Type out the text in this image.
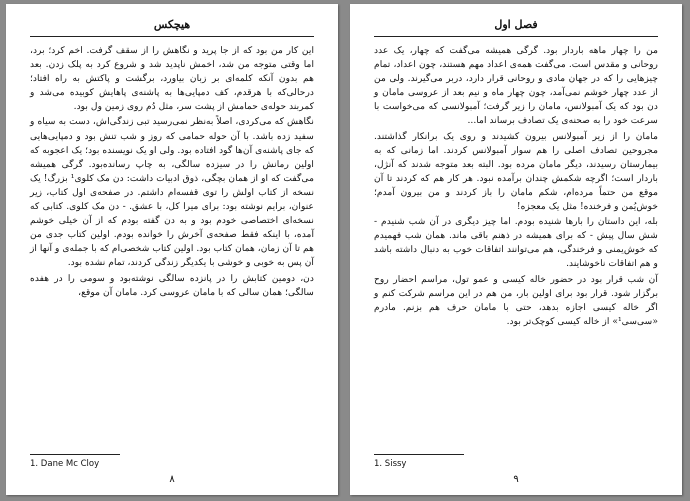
هیچکس

این کار من بود که از جا پرید و نگاهش را از سقف گرفت. اخم کرد؛ برد، اما وقتی متوجه من شد، اخمش ناپدید شد و شروع کرد به پلک زدن. بعد هم بدون آنکه کلمه‌ای بر زبان بیاورد، برگشت و پاکتش به راه افتاد؛ درحالی‌که با هرقدم، کف دمپایی‌ها به پاشنه‌ی پاهایش کوبیده می‌شد و کمربند حوله‌ی حمامش از پشت سر، مثل دُم روی زمین ول بود.

نگاهش که می‌کردی، اصلاً به‌نظر نمی‌رسید تبی زندگی‌اش، دست به سیاه و سفید زده باشد. با آن حوله حمامی که روز و شب تنش بود و دمپایی‌هایی که جای پاشنه‌ی آن‌ها گود افتاده بود. ولی او یک نویسنده بود؛ یک اعجوبه که اولین رمانش را در سیزده سالگی، به چاپ رسانده‌بود. گرگی همیشه می‌گفت که او از همان بچگی، ذوق ادبیات داشت: دن مک کلوی¹ بزرگ! یک نسخه از کتاب اولش را توی قفسه‌ام داشتم. در صفحه‌ی اول کتاب، زیر عنوان، برایم نوشته بود: برای میرا کل، با عشق. - دن مک کلوی. کتابی که نسخه‌ای اختصاصی خودم بود و به دن گفته بودم که از آن خیلی خوشم آمده، با اینکه فقط صفحه‌ی آخرش را خوانده بودم. اولین کتاب جدی من هم تا آن زمان، همان کتاب بود. اولین کتاب شخصی‌ام که با جمله‌ی و آنها از آن پس به خوبی و خوشی با یکدیگر زندگی کردند، تمام نشده بود.

دن، دومین کتابش را در پانزده سالگی نوشته‌بود و سومی را در هفده سالگی؛ همان سالی که با مامان عروسی کرد. مامان آن موقع،

1. Dane Mc Cloy
۸
فصل اول

من را چهار ماهه باردار بود. گرگی همیشه می‌گفت که چهار، یک عدد روحانی و مقدس است. می‌گفت همه‌ی اعداد مهم هستند، چون اعداد، تمام چیزهایی را که در جهان مادی و روحانی قرار دارد، دربر می‌گیرند. ولی من از عدد چهار خوشم نمی‌آمد، چون چهار ماه و نیم بعد از عروسی مامان و دن بود که یک آمبولانس، مامان را زیر گرفت؛ آمبولانسی که می‌خواست با سرعت خود را به صحنه‌ی یک تصادف برساند اما...

مامان را از زیر آمبولانس بیرون کشیدند و روی یک برانکار گذاشتند. مجروحین تصادف اصلی را هم سوار آمبولانس کردند. اما زمانی که به بیمارستان رسیدند، دیگر مامان مرده بود. البته بعد متوجه شدند که آنژل، باردار است؛ اگرچه شکمش چندان برآمده نبود. هر کار هم که کردند تا آن موقع من حتماً مرده‌ام، شکم مامان را باز کردند و من بیرون آمدم؛ خوش‌یُمن و فرخنده! مثل یک معجزه!

بله، این داستان را بارها شنیده بودم. اما چیز دیگری در آن شب شنیدم - شش سال پیش - که برای همیشه در ذهنم باقی ماند. همان شب فهمیدم که خوش‌یمنی و فرخندگی، هم می‌توانند اتفاقات خوب به دنبال داشته باشد و هم اتفاقات ناخوشایند.

آن شب قرار بود در حضور خاله کیسی و عمو تول، مراسم احضار روح برگزار شود. قرار بود برای اولین بار، من هم در این مراسم شرکت کنم و اگر خاله کیسی اجازه بدهد، حتی با مامان حرف هم بزنم. مادرم «سی‌سی¹» از خاله کیسی کوچک‌تر بود.

1. Sissy
۹
